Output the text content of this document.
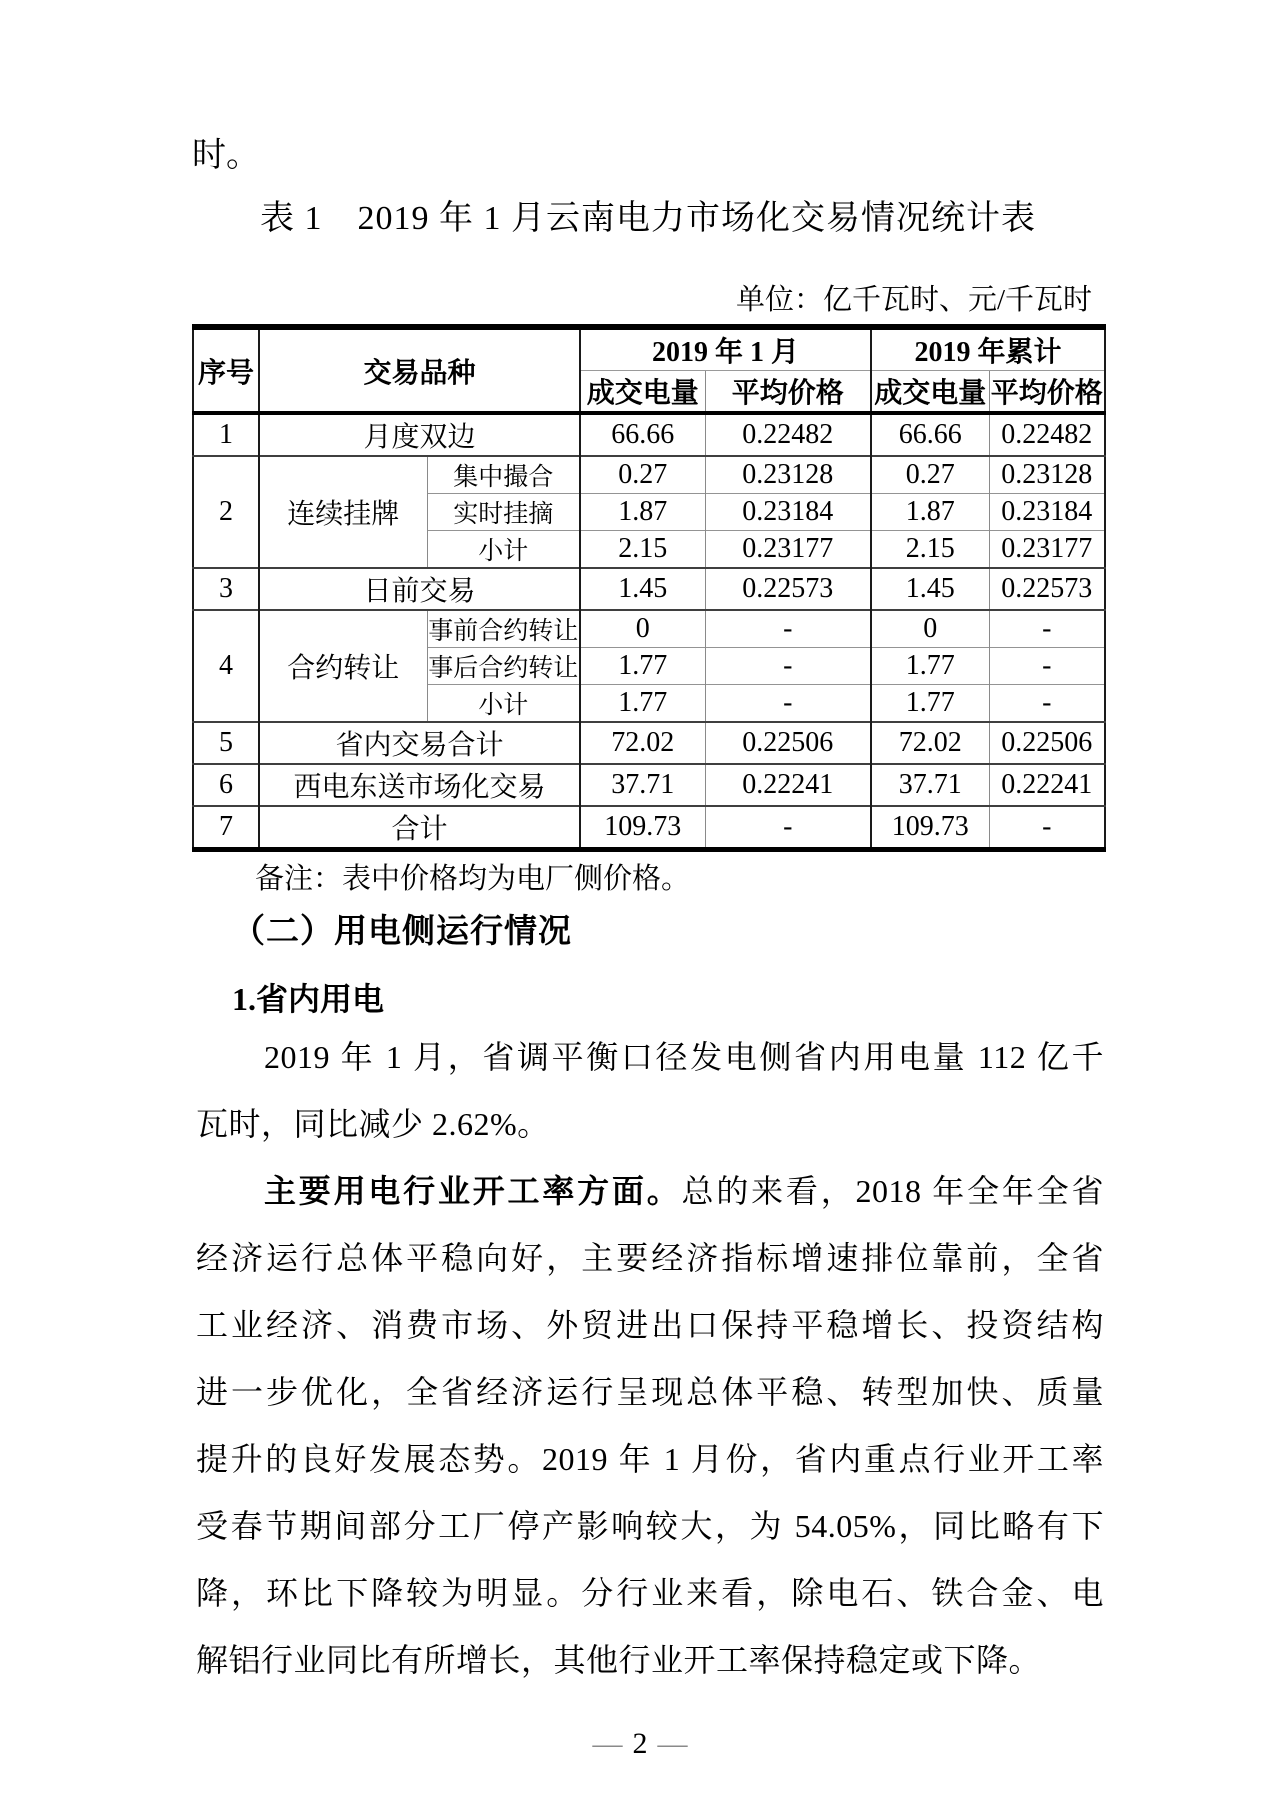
时。
表 1　2019 年 1 月云南电力市场化交易情况统计表
单位：亿千瓦时、元/千瓦时
序号	交易品种		2019 年 1 月		2019 年累计	
			成交电量	平均价格	成交电量	平均价格
1	月度双边		66.66	0.22482	66.66	0.22482
2	连续挂牌	集中撮合	0.27	0.23128	0.27	0.23128
		实时挂摘	1.87	0.23184	1.87	0.23184
		小计	2.15	0.23177	2.15	0.23177
3	日前交易		1.45	0.22573	1.45	0.22573
4	合约转让	事前合约转让	0	-	0	-
		事后合约转让	1.77	-	1.77	-
		小计	1.77	-	1.77	-
5	省内交易合计		72.02	0.22506	72.02	0.22506
6	西电东送市场化交易		37.71	0.22241	37.71	0.22241
7	合计		109.73	-	109.73	-
备注：表中价格均为电厂侧价格。
（二）用电侧运行情况
1.省内用电
2019 年 1 月，省调平衡口径发电侧省内用电量 112 亿千
瓦时，同比减少 2.62%。
主要用电行业开工率方面。总的来看，2018 年全年全省
经济运行总体平稳向好，主要经济指标增速排位靠前，全省
工业经济、消费市场、外贸进出口保持平稳增长、投资结构
进一步优化，全省经济运行呈现总体平稳、转型加快、质量
提升的良好发展态势。2019 年 1 月份，省内重点行业开工率
受春节期间部分工厂停产影响较大，为 54.05%，同比略有下
降，环比下降较为明显。分行业来看，除电石、铁合金、电
解铝行业同比有所增长，其他行业开工率保持稳定或下降。
— 2 —
